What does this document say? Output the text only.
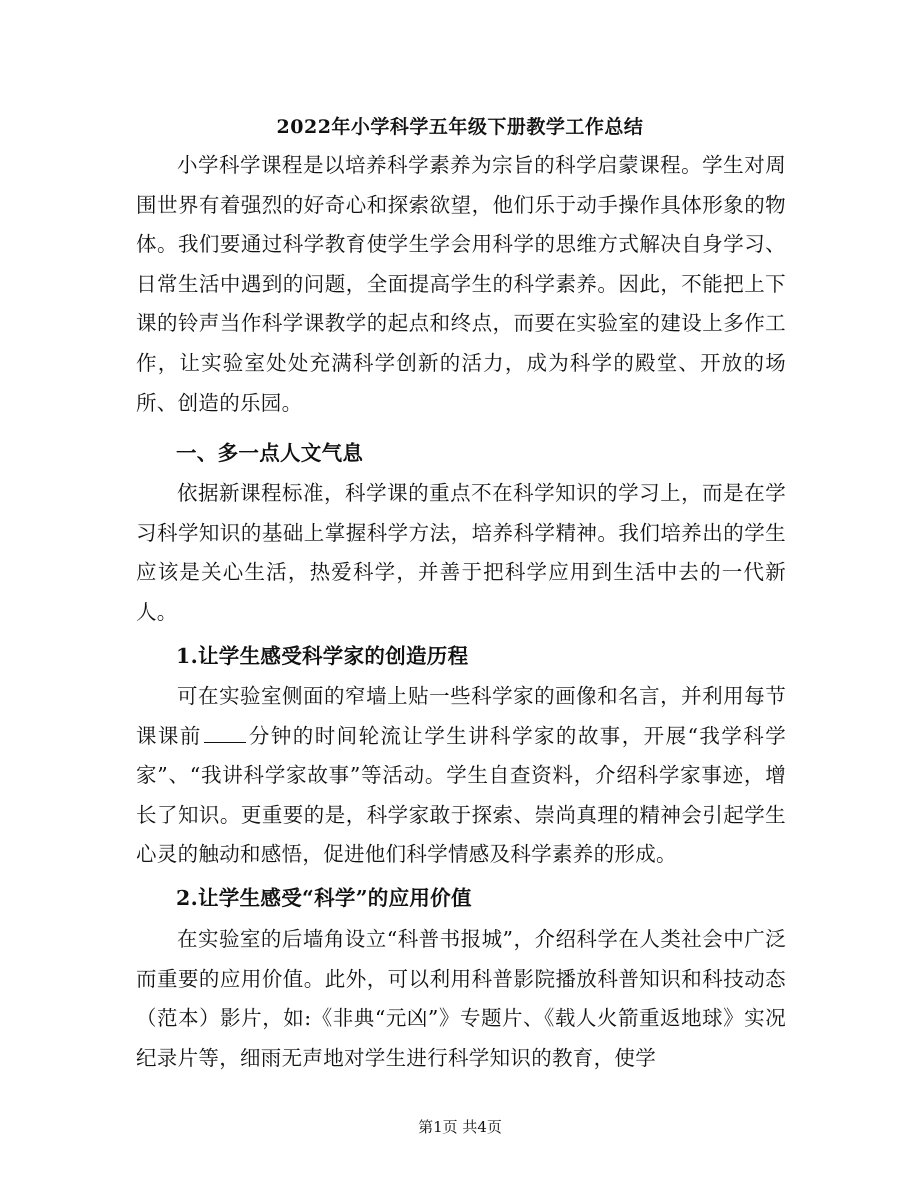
2022年小学科学五年级下册教学工作总结

小学科学课程是以培养科学素养为宗旨的科学启蒙课程。学生对周围世界有着强烈的好奇心和探索欲望，他们乐于动手操作具体形象的物体。我们要通过科学教育使学生学会用科学的思维方式解决自身学习、日常生活中遇到的问题，全面提高学生的科学素养。因此，不能把上下课的铃声当作科学课教学的起点和终点，而要在实验室的建设上多作工作，让实验室处处充满科学创新的活力，成为科学的殿堂、开放的场所、创造的乐园。

一、多一点人文气息

依据新课程标准，科学课的重点不在科学知识的学习上，而是在学习科学知识的基础上掌握科学方法，培养科学精神。我们培养出的学生应该是关心生活，热爱科学，并善于把科学应用到生活中去的一代新人。

1.让学生感受科学家的创造历程

可在实验室侧面的窄墙上贴一些科学家的画像和名言，并利用每节课课前 分钟的时间轮流让学生讲科学家的故事，开展“我学科学家”、“我讲科学家故事”等活动。学生自查资料，介绍科学家事迹，增长了知识。更重要的是，科学家敢于探索、崇尚真理的精神会引起学生心灵的触动和感悟，促进他们科学情感及科学素养的形成。

2.让学生感受“科学”的应用价值

在实验室的后墙角设立“科普书报城”，介绍科学在人类社会中广泛而重要的应用价值。此外，可以利用科普影院播放科普知识和科技动态（范本）影片，如:《非典“元凶”》专题片、《载人火箭重返地球》实况纪录片等，细雨无声地对学生进行科学知识的教育，使学

第1页 共4页
